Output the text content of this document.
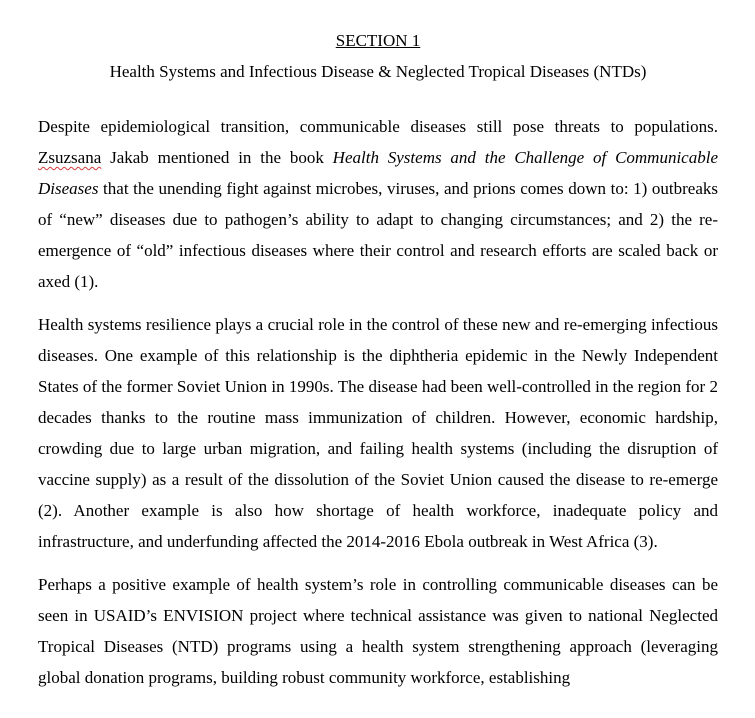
SECTION 1

Health Systems and Infectious Disease & Neglected Tropical Diseases (NTDs)

Despite epidemiological transition, communicable diseases still pose threats to populations. Zsuzsana Jakab mentioned in the book Health Systems and the Challenge of Communicable Diseases that the unending fight against microbes, viruses, and prions comes down to: 1) outbreaks of “new” diseases due to pathogen’s ability to adapt to changing circumstances; and 2) the re-emergence of “old” infectious diseases where their control and research efforts are scaled back or axed (1).

Health systems resilience plays a crucial role in the control of these new and re-emerging infectious diseases. One example of this relationship is the diphtheria epidemic in the Newly Independent States of the former Soviet Union in 1990s. The disease had been well-controlled in the region for 2 decades thanks to the routine mass immunization of children. However, economic hardship, crowding due to large urban migration, and failing health systems (including the disruption of vaccine supply) as a result of the dissolution of the Soviet Union caused the disease to re-emerge (2). Another example is also how shortage of health workforce, inadequate policy and infrastructure, and underfunding affected the 2014-2016 Ebola outbreak in West Africa (3).

Perhaps a positive example of health system’s role in controlling communicable diseases can be seen in USAID’s ENVISION project where technical assistance was given to national Neglected Tropical Diseases (NTD) programs using a health system strengthening approach (leveraging global donation programs, building robust community workforce, establishing
